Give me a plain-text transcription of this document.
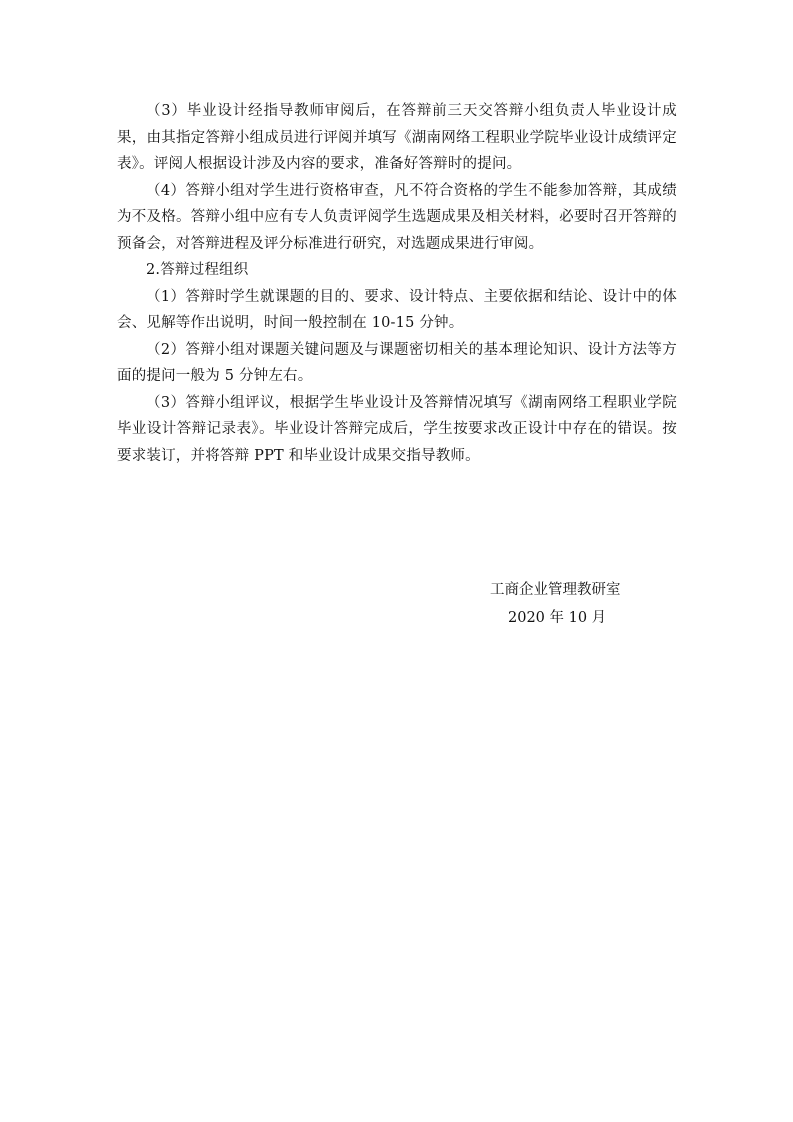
（3）毕业设计经指导教师审阅后，在答辩前三天交答辩小组负责人毕业设计成果，由其指定答辩小组成员进行评阅并填写《湖南网络工程职业学院毕业设计成绩评定表》。评阅人根据设计涉及内容的要求，准备好答辩时的提问。

（4）答辩小组对学生进行资格审查，凡不符合资格的学生不能参加答辩，其成绩为不及格。答辩小组中应有专人负责评阅学生选题成果及相关材料，必要时召开答辩的预备会，对答辩进程及评分标准进行研究，对选题成果进行审阅。

2.答辩过程组织

（1）答辩时学生就课题的目的、要求、设计特点、主要依据和结论、设计中的体会、见解等作出说明，时间一般控制在 10-15 分钟。

（2）答辩小组对课题关键问题及与课题密切相关的基本理论知识、设计方法等方面的提问一般为 5 分钟左右。

（3）答辩小组评议，根据学生毕业设计及答辩情况填写《湖南网络工程职业学院毕业设计答辩记录表》。毕业设计答辩完成后，学生按要求改正设计中存在的错误。按要求装订，并将答辩 PPT 和毕业设计成果交指导教师。

工商企业管理教研室
2020 年 10 月
